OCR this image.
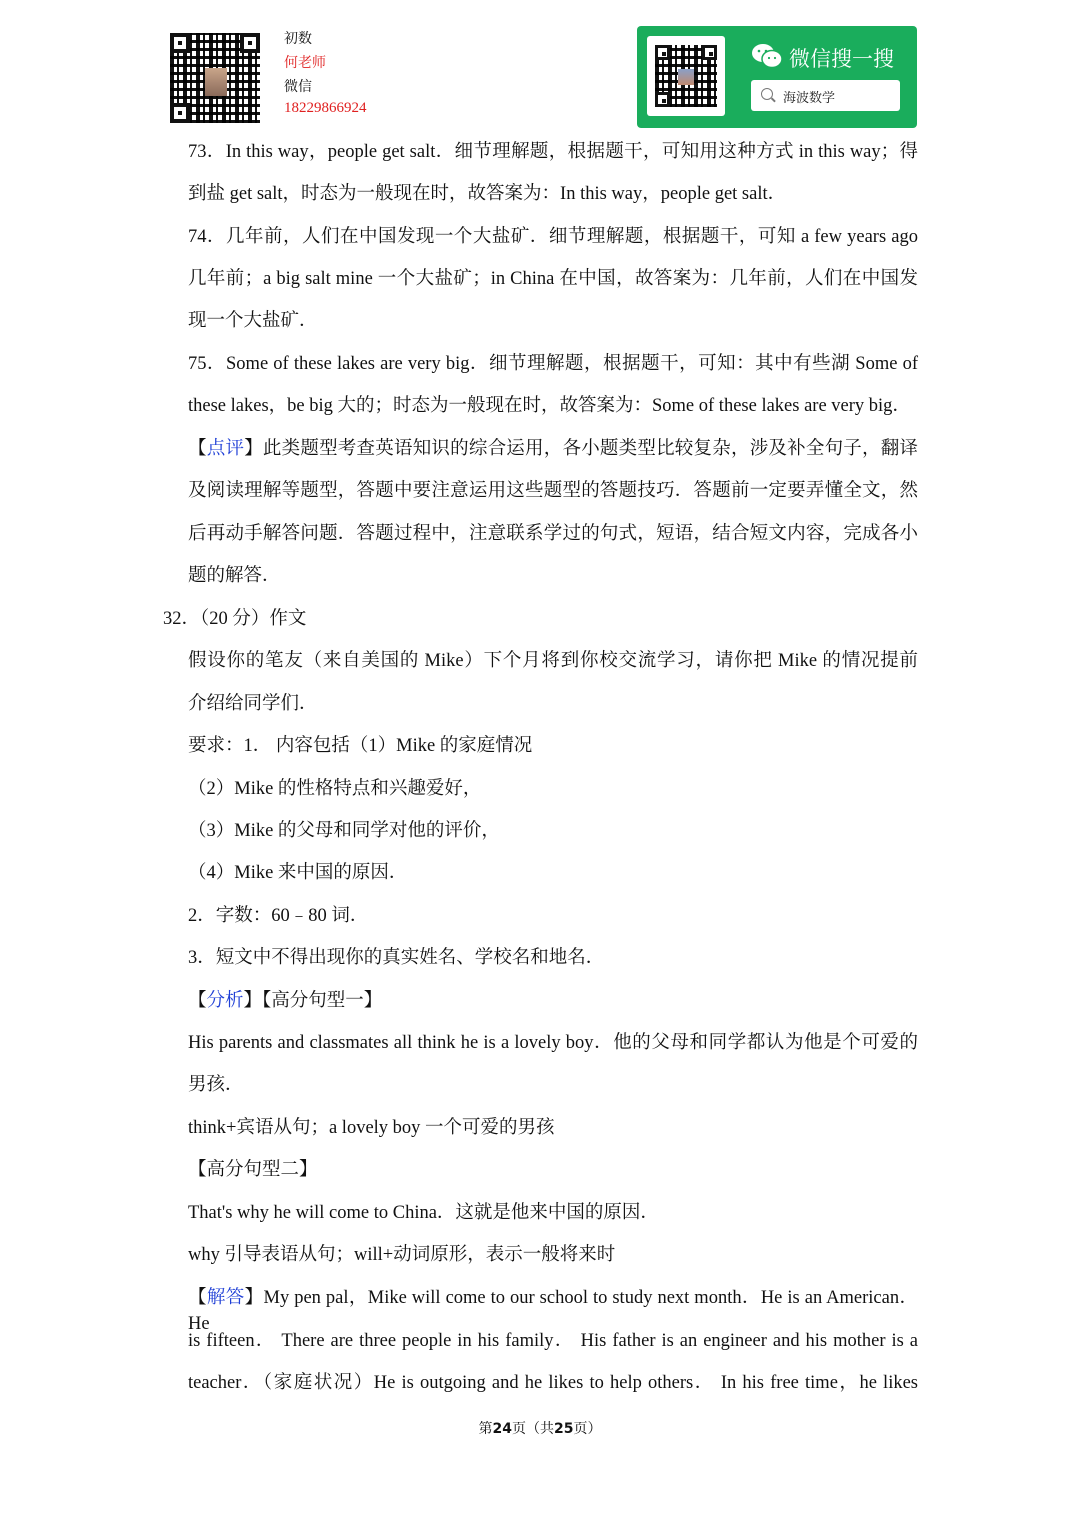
初数
何老师
微信
18229866924
微信搜一搜
海波数学
73．In this way，people get salt．细节理解题，根据题干，可知用这种方式 in this way；得
到盐 get salt，时态为一般现在时，故答案为：In this way，people get salt．
74．几年前，人们在中国发现一个大盐矿．细节理解题，根据题干，可知 a few years ago
几年前；a big salt mine 一个大盐矿；in China 在中国，故答案为：几年前，人们在中国发
现一个大盐矿．
75．Some of these lakes are very big．细节理解题，根据题干，可知：其中有些湖 Some of
these lakes，be big 大的；时态为一般现在时，故答案为：Some of these lakes are very big．
【点评】此类题型考查英语知识的综合运用，各小题类型比较复杂，涉及补全句子，翻译
及阅读理解等题型，答题中要注意运用这些题型的答题技巧．答题前一定要弄懂全文，然
后再动手解答问题．答题过程中，注意联系学过的句式，短语，结合短文内容，完成各小
题的解答．
32．（20 分）作文
假设你的笔友（来自美国的 Mike）下个月将到你校交流学习，请你把 Mike 的情况提前
介绍给同学们．
要求：1． 内容包括（1）Mike 的家庭情况
（2）Mike 的性格特点和兴趣爱好，
（3）Mike 的父母和同学对他的评价，
（4）Mike 来中国的原因．
2．字数：60﹣80 词．
3．短文中不得出现你的真实姓名、学校名和地名．
【分析】【高分句型一】
His parents and classmates all think he is a lovely boy．他的父母和同学都认为他是个可爱的
男孩．
think+宾语从句；a lovely boy 一个可爱的男孩
【高分句型二】
That's why he will come to China．这就是他来中国的原因．
why 引导表语从句；will+动词原形，表示一般将来时
【解答】My pen pal，Mike will come to our school to study next month．He is an American．He
is fifteen． There are three people in his family． His father is an engineer and his mother is a
teacher．（家庭状况）He is outgoing and he likes to help others． In his free time，he likes
第24页（共25页）
